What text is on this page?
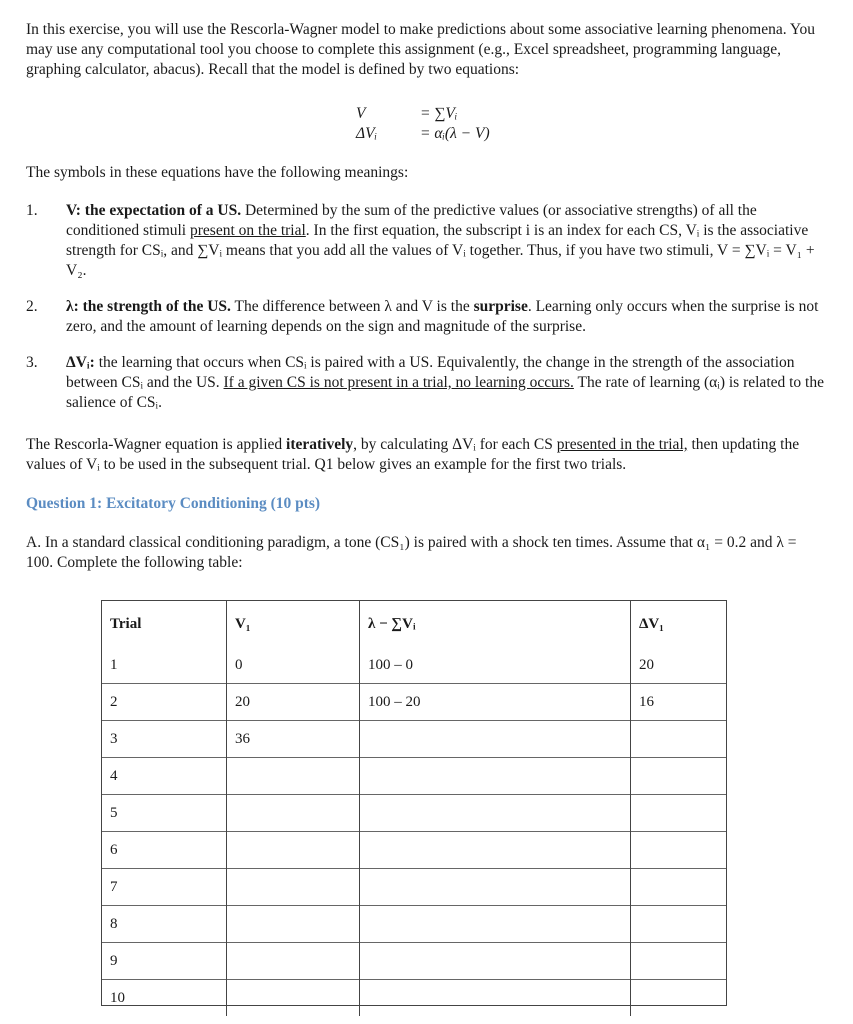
In this exercise, you will use the Rescorla-Wagner model to make predictions about some associative learning phenomena. You may use any computational tool you choose to complete this assignment (e.g., Excel spreadsheet, programming language, graphing calculator, abacus). Recall that the model is defined by two equations:

V	= ∑Vᵢ
ΔVᵢ	= αᵢ(λ − V)

The symbols in these equations have the following meanings:

1. V: the expectation of a US. Determined by the sum of the predictive values (or associative strengths) of all the conditioned stimuli present on the trial. In the first equation, the subscript i is an index for each CS, Vᵢ is the associative strength for CSᵢ, and ∑Vᵢ means that you add all the values of Vᵢ together. Thus, if you have two stimuli, V = ∑Vᵢ = V₁ + V₂.
2. λ: the strength of the US. The difference between λ and V is the surprise. Learning only occurs when the surprise is not zero, and the amount of learning depends on the sign and magnitude of the surprise.
3. ΔVᵢ: the learning that occurs when CSᵢ is paired with a US. Equivalently, the change in the strength of the association between CSᵢ and the US. If a given CS is not present in a trial, no learning occurs. The rate of learning (αᵢ) is related to the salience of CSᵢ.

The Rescorla-Wagner equation is applied iteratively, by calculating ΔVᵢ for each CS presented in the trial, then updating the values of Vᵢ to be used in the subsequent trial. Q1 below gives an example for the first two trials.

Question 1: Excitatory Conditioning (10 pts)

A. In a standard classical conditioning paradigm, a tone (CS₁) is paired with a shock ten times. Assume that α₁ = 0.2 and λ = 100. Complete the following table:

Trial	V₁	λ − ∑Vᵢ	ΔV₁
1	0	100 – 0	20
2	20	100 – 20	16
3	36		
4			
5			
6			
7			
8			
9			
10			
